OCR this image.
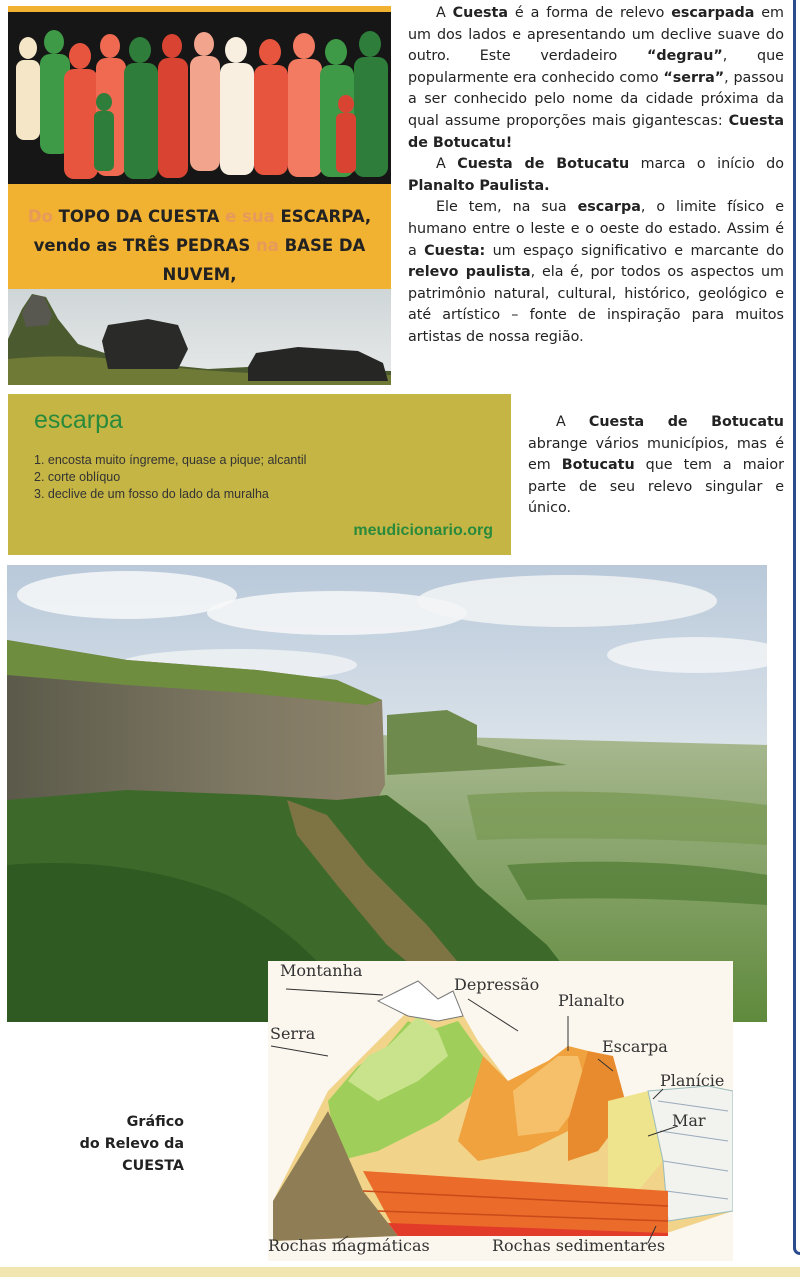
Do TOPO DA CUESTA e sua ESCARPA, vendo as TRÊS PEDRAS na BASE DA NUVEM,

A Cuesta é a forma de relevo escarpada em um dos lados e apresentando um declive suave do outro. Este verdadeiro “degrau”, que popularmente era conhecido como “serra”, passou a ser conhecido pelo nome da cidade próxima da qual assume proporções mais gigantescas: Cuesta de Botucatu!

A Cuesta de Botucatu marca o início do Planalto Paulista.

Ele tem, na sua escarpa, o limite físico e humano entre o leste e o oeste do estado. Assim é a Cuesta: um espaço significativo e marcante do relevo paulista, ela é, por todos os aspectos um patrimônio natural, cultural, histórico, geológico e até artístico – fonte de inspiração para muitos artistas de nossa região.

escarpa
1. encosta muito íngreme, quase a pique; alcantil
2. corte oblíquo
3. declive de um fosso do lado da muralha
meudicionario.org

A Cuesta de Botucatu abrange vários municípios, mas é em Botucatu que tem a maior parte de seu relevo singular e único.

Montanha
Depressão
Planalto
Serra
Escarpa
Planície
Mar
Rochas magmáticas	Rochas sedimentares
Gráfico
do Relevo da
CUESTA
